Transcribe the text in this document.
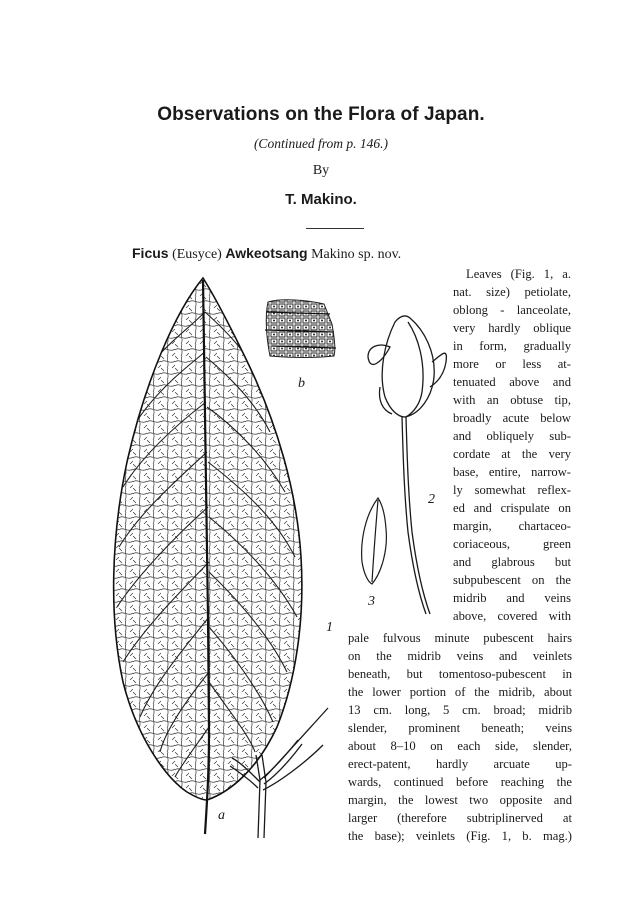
Observations on the Flora of Japan.
(Continued from p. 146.)
By
T. Makino.
Ficus (Eusyce) Awkeotsang Makino sp. nov.
Leaves (Fig. 1, a.
nat. size) petiolate,
oblong - lanceolate,
very hardly oblique
in form, gradually
more or less at-
tenuated above and
with an obtuse tip,
broadly acute below
and obliquely sub-
cordate at the very
base, entire, narrow-
ly somewhat reflex-
ed and crispulate on
margin, chartaceo-
coriaceous, green
and glabrous but
subpubescent on the
midrib and veins
above, covered with
pale fulvous minute pubescent hairs
on the midrib veins and veinlets
beneath, but tomentoso-pubescent in
the lower portion of the midrib, about
13 cm. long, 5 cm. broad; midrib
slender, prominent beneath; veins
about 8–10 on each side, slender,
erect-patent, hardly arcuate up-
wards, continued before reaching the
margin, the lowest two opposite and
larger (therefore subtriplinerved at
the base); veinlets (Fig. 1, b. mag.)
b
2
3
1
a
